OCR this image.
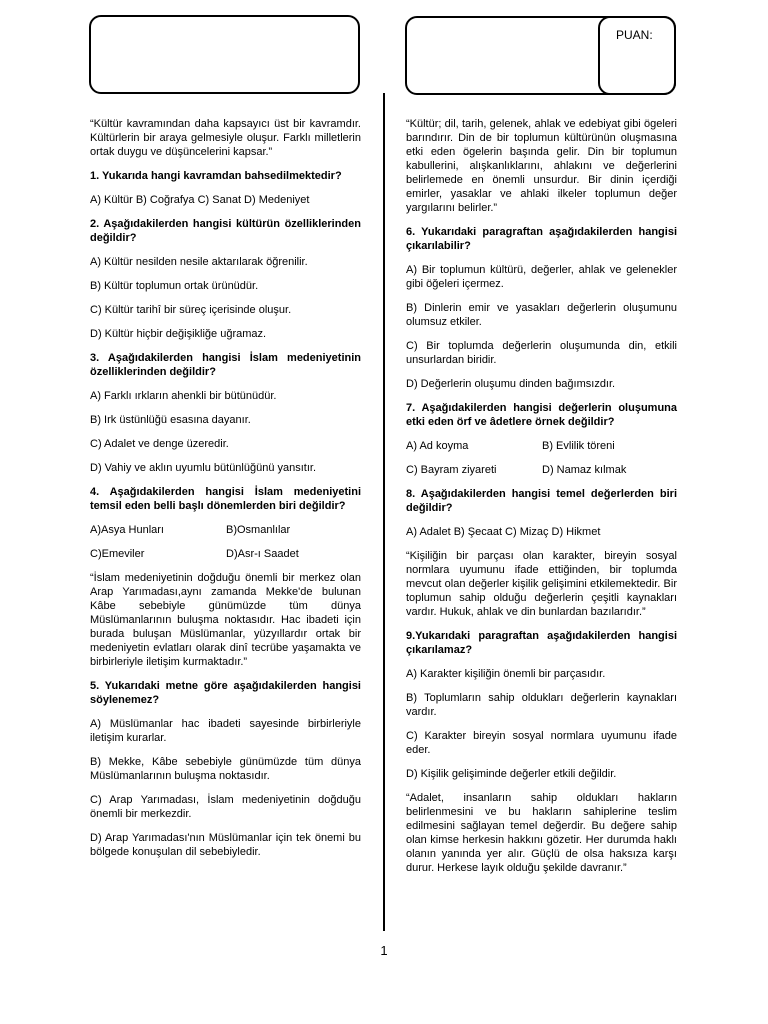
PUAN:

“Kültür kavramından daha kapsayıcı üst bir kavramdır. Kültürlerin bir araya gelmesiyle oluşur. Farklı milletlerin ortak duygu ve düşüncelerini kapsar.”

1. Yukarıda hangi kavramdan bahsedilmektedir?

A) Kültür B) Coğrafya C) Sanat D) Medeniyet

2. Aşağıdakilerden hangisi kültürün özelliklerinden değildir?

A) Kültür nesilden nesile aktarılarak öğrenilir.

B) Kültür toplumun ortak ürünüdür.

C) Kültür tarihî bir süreç içerisinde oluşur.

D) Kültür hiçbir değişikliğe uğramaz.

3. Aşağıdakilerden hangisi İslam medeniyetinin özelliklerinden değildir?

A) Farklı ırkların ahenkli bir bütünüdür.

B) Irk üstünlüğü esasına dayanır.

C) Adalet ve denge üzeredir.

D) Vahiy ve aklın uyumlu bütünlüğünü yansıtır.

4. Aşağıdakilerden hangisi İslam medeniyetini temsil eden belli başlı dönemlerden biri değildir?

A)Asya Hunları	B)Osmanlılar
C)Emeviler	D)Asr-ı Saadet

“İslam medeniyetinin doğduğu önemli bir merkez olan Arap Yarımadası,aynı zamanda Mekke'de bulunan Kâbe sebebiyle günümüzde tüm dünya Müslümanlarının buluşma noktasıdır. Hac ibadeti için burada buluşan Müslümanlar, yüzyıllardır ortak bir medeniyetin evlatları olarak dinî tecrübe yaşamakta ve birbirleriyle iletişim kurmaktadır.”

5. Yukarıdaki metne göre aşağıdakilerden hangisi söylenemez?

A) Müslümanlar hac ibadeti sayesinde birbirleriyle iletişim kurarlar.

B) Mekke, Kâbe sebebiyle günümüzde tüm dünya Müslümanlarının buluşma noktasıdır.

C) Arap Yarımadası, İslam medeniyetinin doğduğu önemli bir merkezdir.

D) Arap Yarımadası'nın Müslümanlar için tek önemi bu bölgede konuşulan dil sebebiyledir.

“Kültür; dil, tarih, gelenek, ahlak ve edebiyat gibi ögeleri barındırır. Din de bir toplumun kültürünün oluşmasına etki eden ögelerin başında gelir. Din bir toplumun kabullerini, alışkanlıklarını, ahlakını ve değerlerini belirlemede en önemli unsurdur. Bir dinin içerdiği emirler, yasaklar ve ahlaki ilkeler toplumun değer yargılarını belirler.”

6. Yukarıdaki paragraftan aşağıdakilerden hangisi çıkarılabilir?

A) Bir toplumun kültürü, değerler, ahlak ve gelenekler gibi öğeleri içermez.

B) Dinlerin emir ve yasakları değerlerin oluşumunu olumsuz etkiler.

C) Bir toplumda değerlerin oluşumunda din, etkili unsurlardan biridir.

D) Değerlerin oluşumu dinden bağımsızdır.

7. Aşağıdakilerden hangisi değerlerin oluşumuna etki eden örf ve âdetlere örnek değildir?

A) Ad koyma	B) Evlilik töreni
C) Bayram ziyareti	D) Namaz kılmak

8. Aşağıdakilerden hangisi temel değerlerden biri değildir?

A) Adalet B) Şecaat C) Mizaç D) Hikmet

“Kişiliğin bir parçası olan karakter, bireyin sosyal normlara uyumunu ifade ettiğinden, bir toplumda mevcut olan değerler kişilik gelişimini etkilemektedir. Bir toplumun sahip olduğu değerlerin çeşitli kaynakları vardır. Hukuk, ahlak ve din bunlardan bazılarıdır.”

9.Yukarıdaki paragraftan aşağıdakilerden hangisi çıkarılamaz?

A) Karakter kişiliğin önemli bir parçasıdır.

B) Toplumların sahip oldukları değerlerin kaynakları vardır.

C) Karakter bireyin sosyal normlara uyumunu ifade eder.

D) Kişilik gelişiminde değerler etkili değildir.

“Adalet, insanların sahip oldukları hakların belirlenmesini ve bu hakların sahiplerine teslim edilmesini sağlayan temel değerdir. Bu değere sahip olan kimse herkesin hakkını gözetir. Her durumda haklı olanın yanında yer alır. Güçlü de olsa haksıza karşı durur. Herkese layık olduğu şekilde davranır.”

1
